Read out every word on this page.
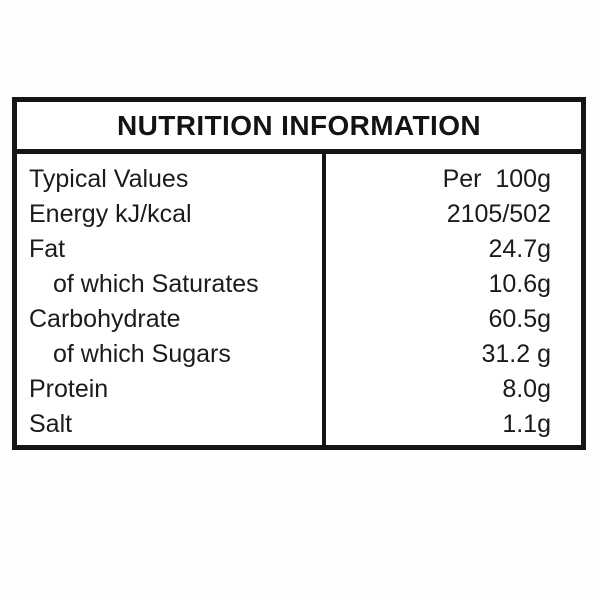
NUTRITION INFORMATION
Typical Values	Per  100g
Energy kJ/kcal	2105/502
Fat	24.7g
of which Saturates	10.6g
Carbohydrate	60.5g
of which Sugars	31.2 g
Protein	8.0g
Salt	1.1g
